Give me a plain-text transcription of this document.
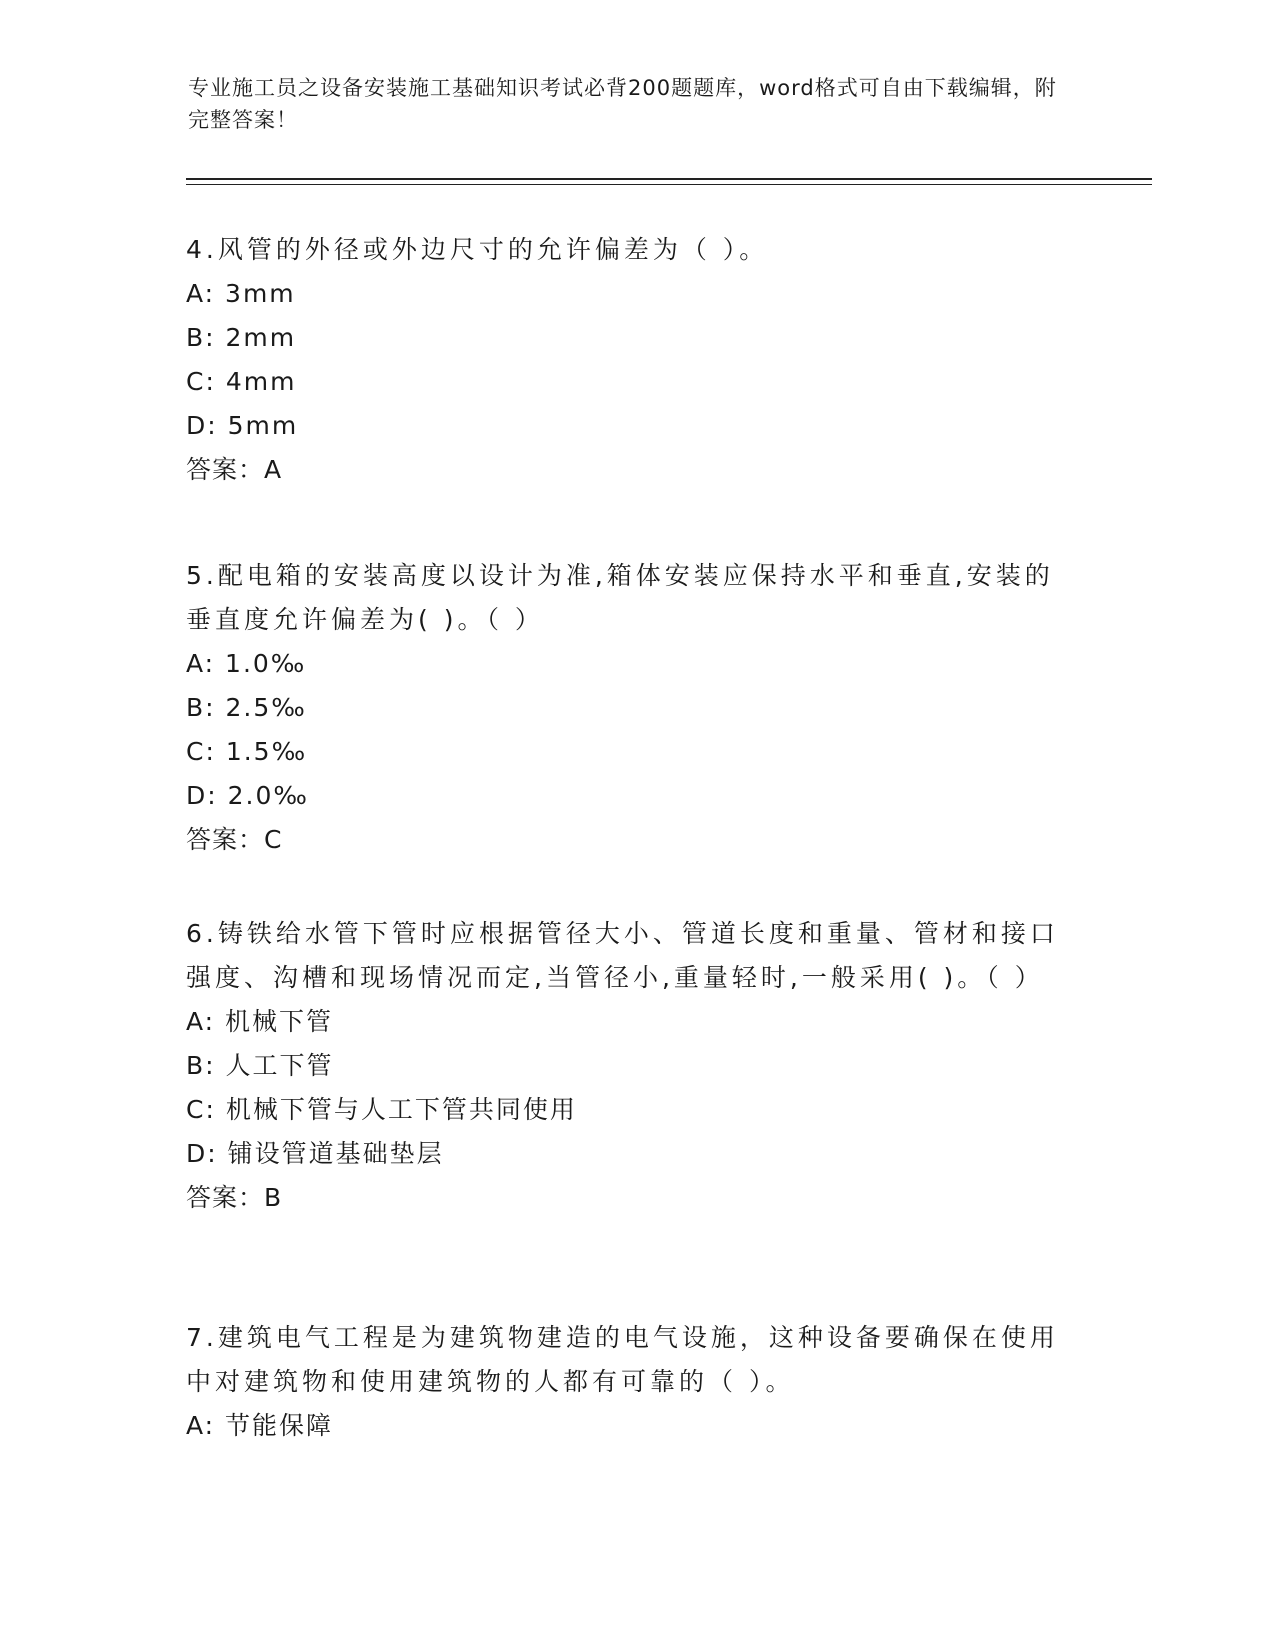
专业施工员之设备安装施工基础知识考试必背200题题库，word格式可自由下载编辑，附完整答案！
4.风管的外径或外边尺寸的允许偏差为（ ）。
A: 3mm
B: 2mm
C: 4mm
D: 5mm
答案：A
5.配电箱的安装高度以设计为准,箱体安装应保持水平和垂直,安装的垂直度允许偏差为( )。（ ）
A: 1.0‰
B: 2.5‰
C: 1.5‰
D: 2.0‰
答案：C
6.铸铁给水管下管时应根据管径大小、管道长度和重量、管材和接口强度、沟槽和现场情况而定,当管径小,重量轻时,一般采用( )。（ ）
A: 机械下管
B: 人工下管
C: 机械下管与人工下管共同使用
D: 铺设管道基础垫层
答案：B
7.建筑电气工程是为建筑物建造的电气设施，这种设备要确保在使用中对建筑物和使用建筑物的人都有可靠的（ ）。
A: 节能保障
